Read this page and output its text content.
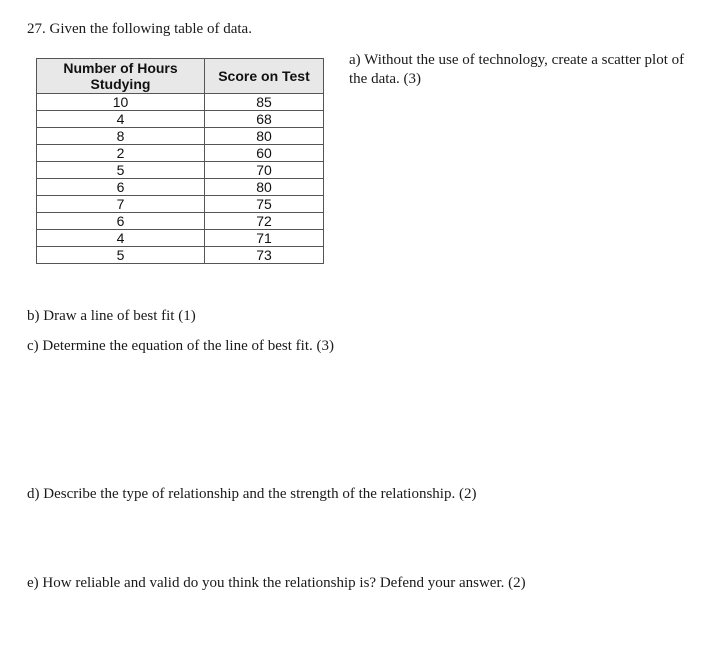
27. Given the following table of data.
Number of Hours Studying	Score on Test
10	85
4	68
8	80
2	60
5	70
6	80
7	75
6	72
4	71
5	73
a) Without the use of technology, create a scatter plot of the data. (3)
b) Draw a line of best fit (1)
c) Determine the equation of the line of best fit. (3)
d) Describe the type of relationship and the strength of the relationship. (2)
e) How reliable and valid do you think the relationship is? Defend your answer. (2)
